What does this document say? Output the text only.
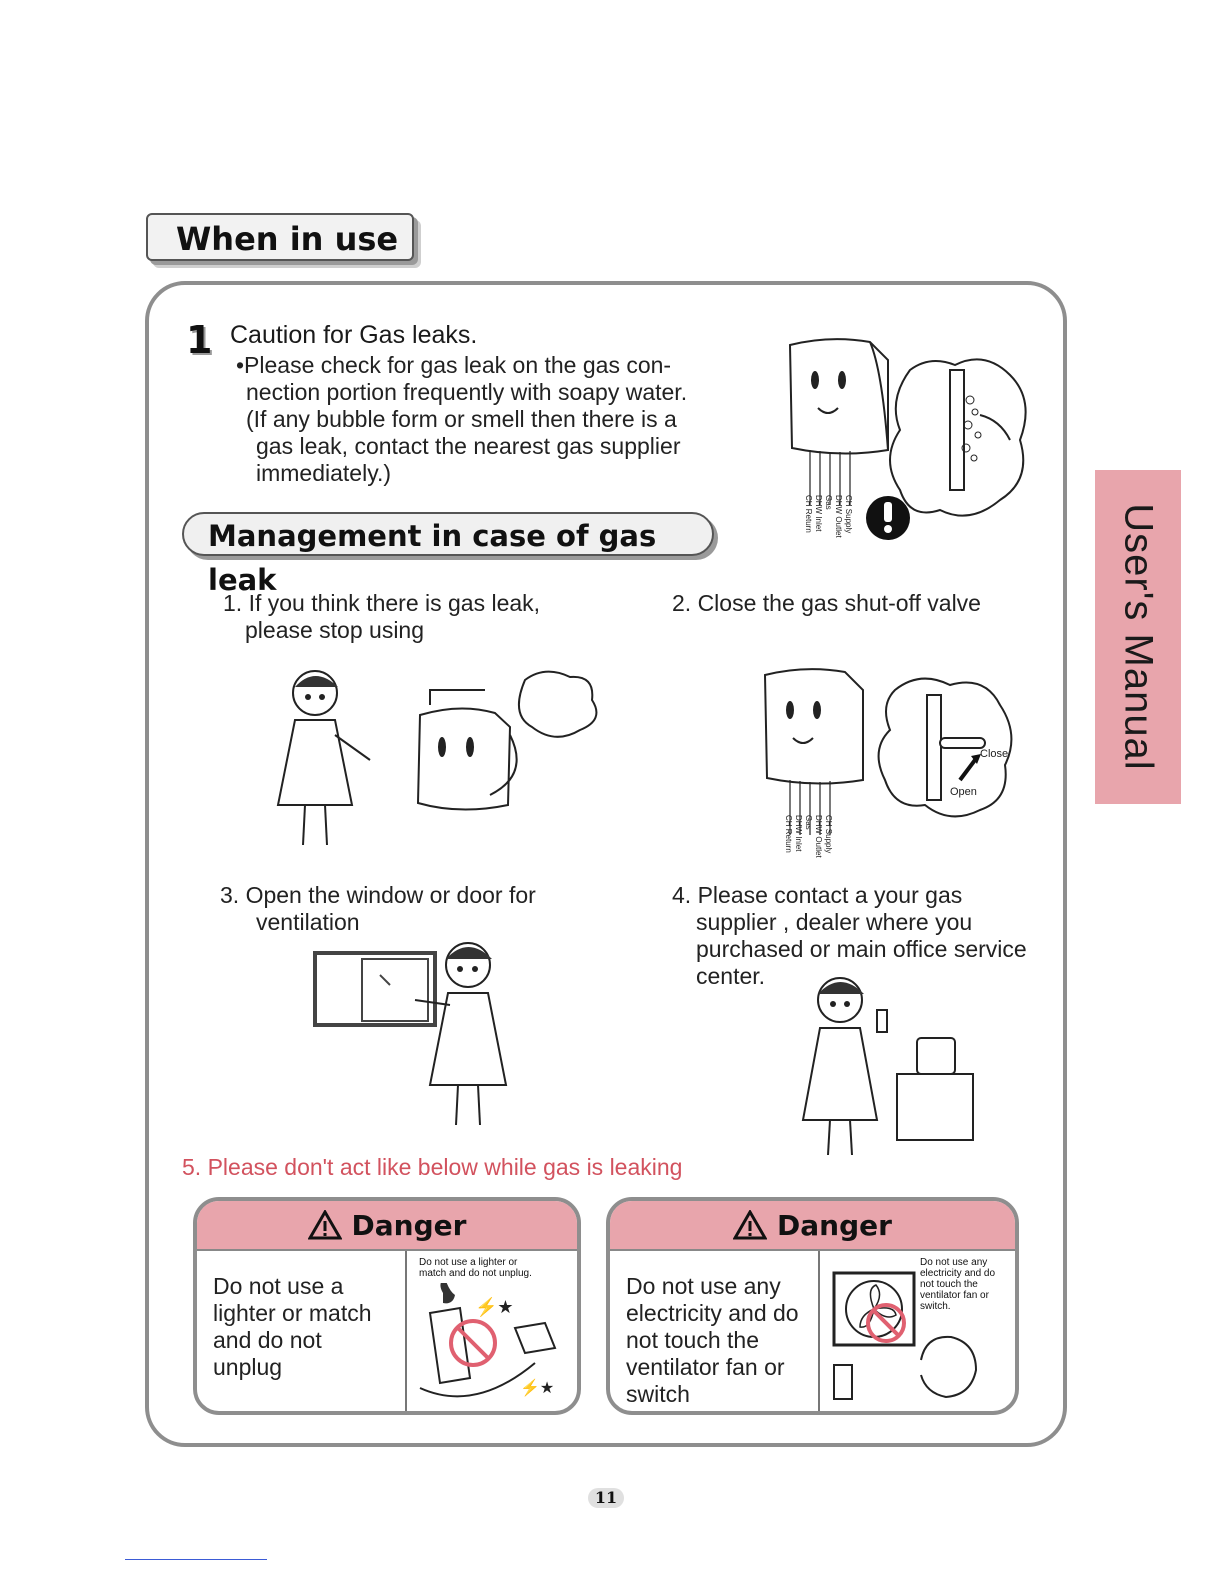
When in use
User's Manual
1 Caution for Gas leaks.
•Please check for gas leak on the gas con-
nection portion frequently with soapy water.
(If any bubble form or smell then there is a
gas leak, contact the nearest gas supplier
immediately.)
CH Return DHW Inlet Gas DHW Outlet CH Supply
Management in case of gas leak
1. If you think there is gas leak,
please stop using
2. Close the gas shut-off valve
CH Return DHW Inlet Gas DHW Outlet CH Supply
Close
Open
3. Open the window or door for
ventilation
4. Please contact a your gas
supplier , dealer where you
purchased or main office service
center.
5. Please don't act like below while gas is leaking
Danger
Do not use a
lighter or match
and do not
unplug
Do not use a lighter or
match and do not unplug.
⚡★
⚡★
Danger
Do not use any
electricity and do
not touch the
ventilator fan or
switch
Do not use any
electricity and do
not touch the
ventilator fan or
switch.
11
